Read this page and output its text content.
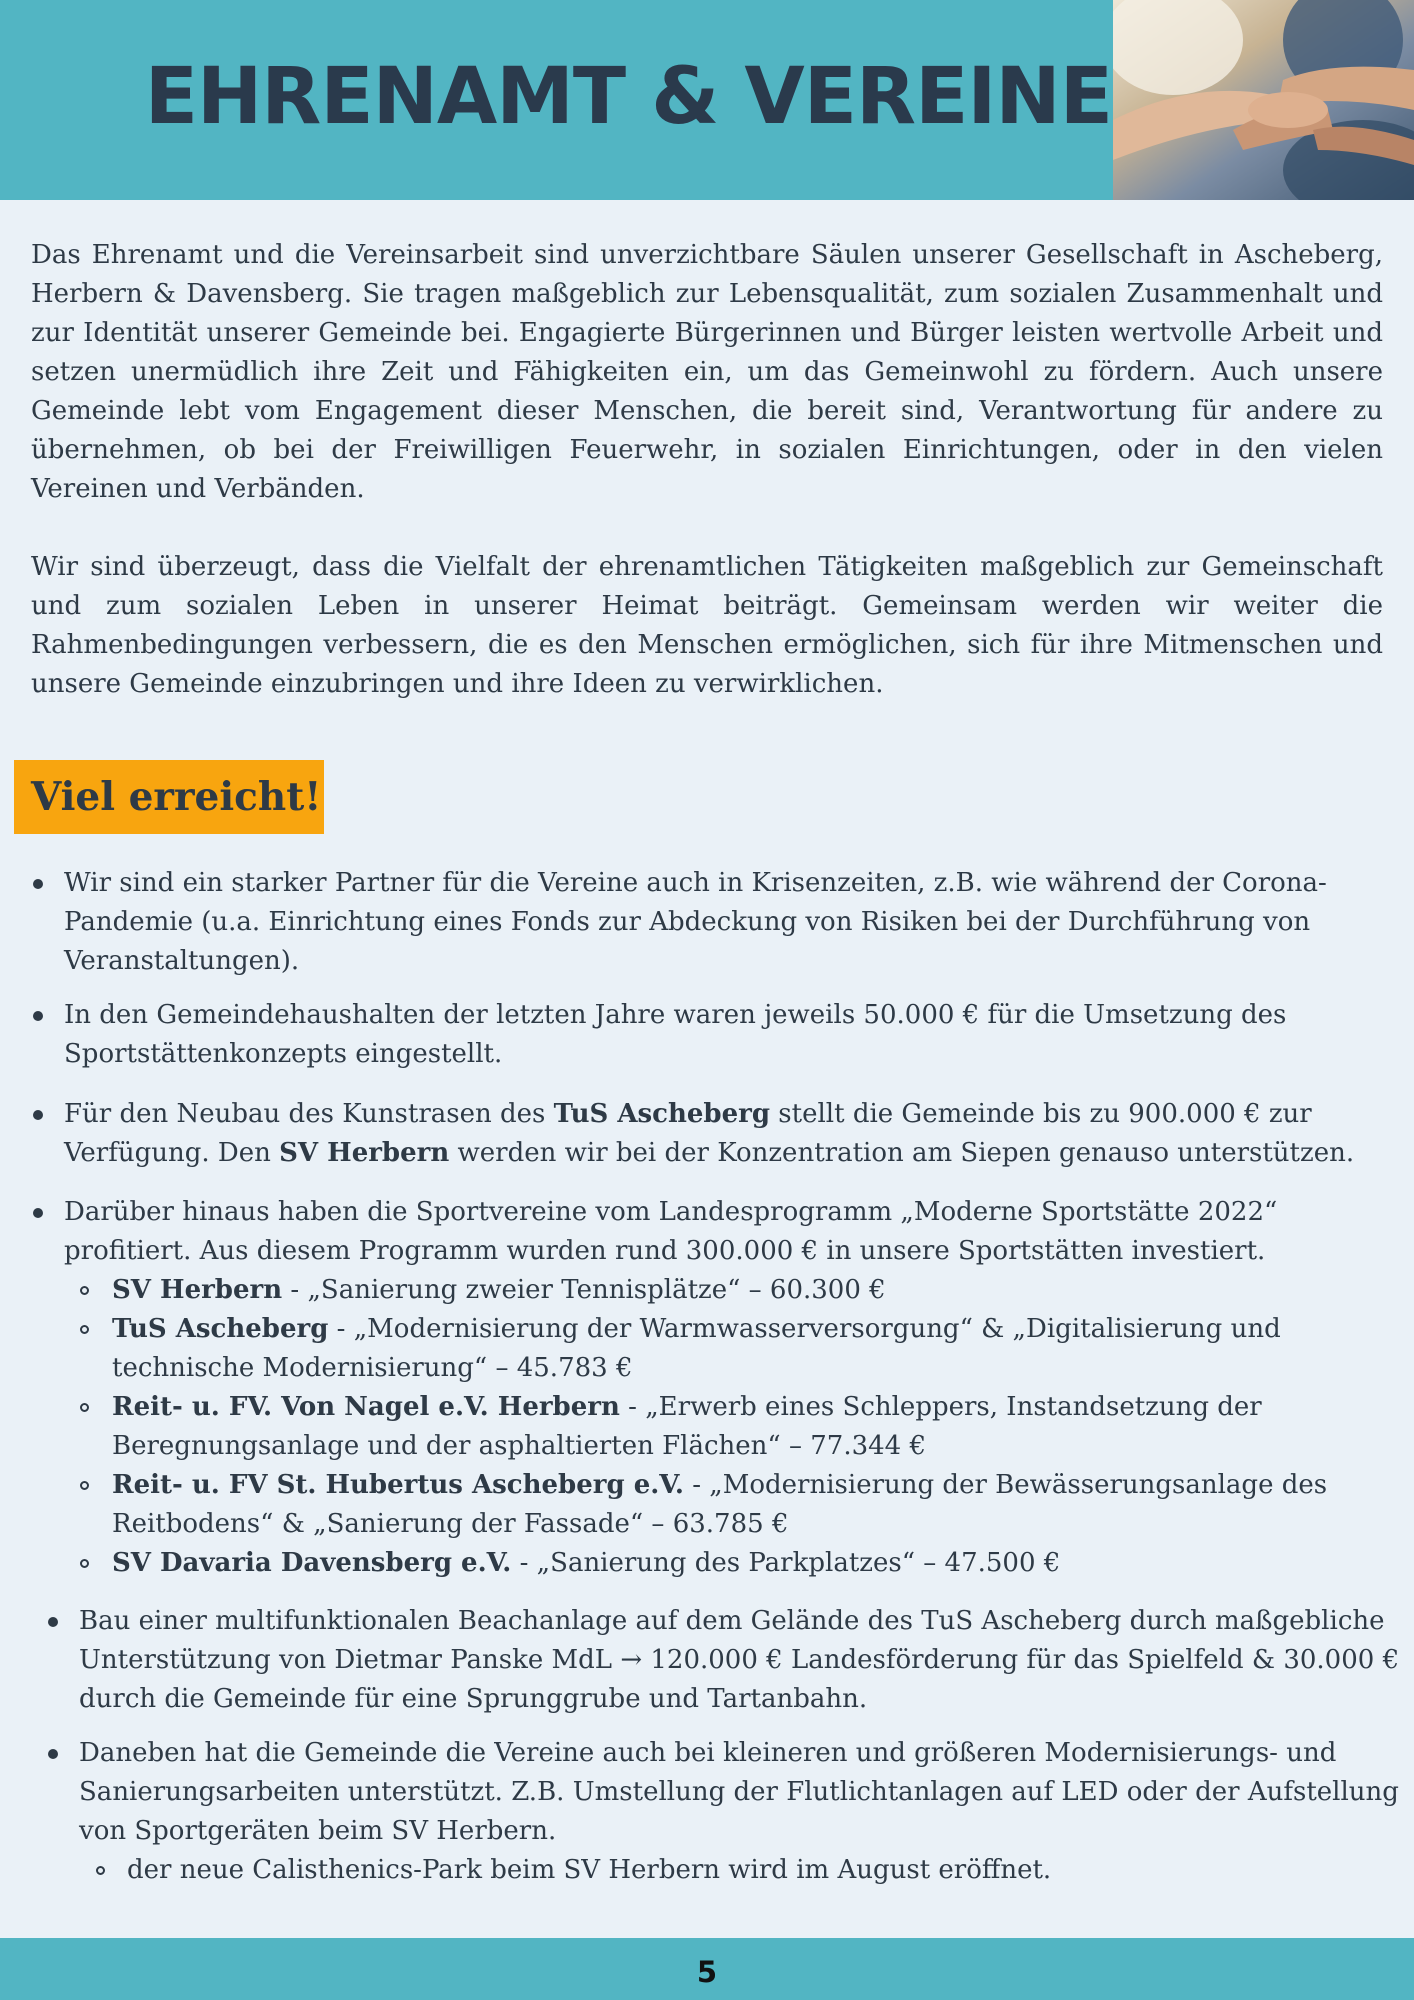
EHRENAMT & VEREINE

Das Ehrenamt und die Vereinsarbeit sind unverzichtbare Säulen unserer Gesellschaft in Ascheberg, Herbern & Davensberg. Sie tragen maßgeblich zur Lebensqualität, zum sozialen Zusammenhalt und zur Identität unserer Gemeinde bei. Engagierte Bürgerinnen und Bürger leisten wertvolle Arbeit und setzen unermüdlich ihre Zeit und Fähigkeiten ein, um das Gemeinwohl zu fördern. Auch unsere Gemeinde lebt vom Engagement dieser Menschen, die bereit sind, Verantwortung für andere zu übernehmen, ob bei der Freiwilligen Feuerwehr, in sozialen Einrichtungen, oder in den vielen Vereinen und Verbänden.

Wir sind überzeugt, dass die Vielfalt der ehrenamtlichen Tätigkeiten maßgeblich zur Gemeinschaft und zum sozialen Leben in unserer Heimat beiträgt. Gemeinsam werden wir weiter die Rahmenbedingungen verbessern, die es den Menschen ermöglichen, sich für ihre Mitmenschen und unsere Gemeinde einzubringen und ihre Ideen zu verwirklichen.

Viel erreicht!

Wir sind ein starker Partner für die Vereine auch in Krisenzeiten, z.B. wie während der Corona-Pandemie (u.a. Einrichtung eines Fonds zur Abdeckung von Risiken bei der Durchführung von Veranstaltungen).

In den Gemeindehaushalten der letzten Jahre waren jeweils 50.000 € für die Umsetzung des Sportstättenkonzepts eingestellt.

Für den Neubau des Kunstrasen des TuS Ascheberg stellt die Gemeinde bis zu 900.000 € zur Verfügung. Den SV Herbern werden wir bei der Konzentration am Siepen genauso unterstützen.

Darüber hinaus haben die Sportvereine vom Landesprogramm „Moderne Sportstätte 2022“ profitiert. Aus diesem Programm wurden rund 300.000 € in unsere Sportstätten investiert.

SV Herbern - „Sanierung zweier Tennisplätze“ – 60.300 €

TuS Ascheberg - „Modernisierung der Warmwasserversorgung“ & „Digitalisierung und technische Modernisierung“ – 45.783 €

Reit- u. FV. Von Nagel e.V. Herbern - „Erwerb eines Schleppers, Instandsetzung der Beregnungsanlage und der asphaltierten Flächen“ – 77.344 €

Reit- u. FV St. Hubertus Ascheberg e.V. - „Modernisierung der Bewässerungsanlage des Reitbodens“ & „Sanierung der Fassade“ – 63.785 €

SV Davaria Davensberg e.V. - „Sanierung des Parkplatzes“ – 47.500 €

Bau einer multifunktionalen Beachanlage auf dem Gelände des TuS Ascheberg durch maßgebliche Unterstützung von Dietmar Panske MdL → 120.000 € Landesförderung für das Spielfeld & 30.000 € durch die Gemeinde für eine Sprunggrube und Tartanbahn.

Daneben hat die Gemeinde die Vereine auch bei kleineren und größeren Modernisierungs- und Sanierungsarbeiten unterstützt. Z.B. Umstellung der Flutlichtanlagen auf LED oder der Aufstellung von Sportgeräten beim SV Herbern.

der neue Calisthenics-Park beim SV Herbern wird im August eröffnet.

5
